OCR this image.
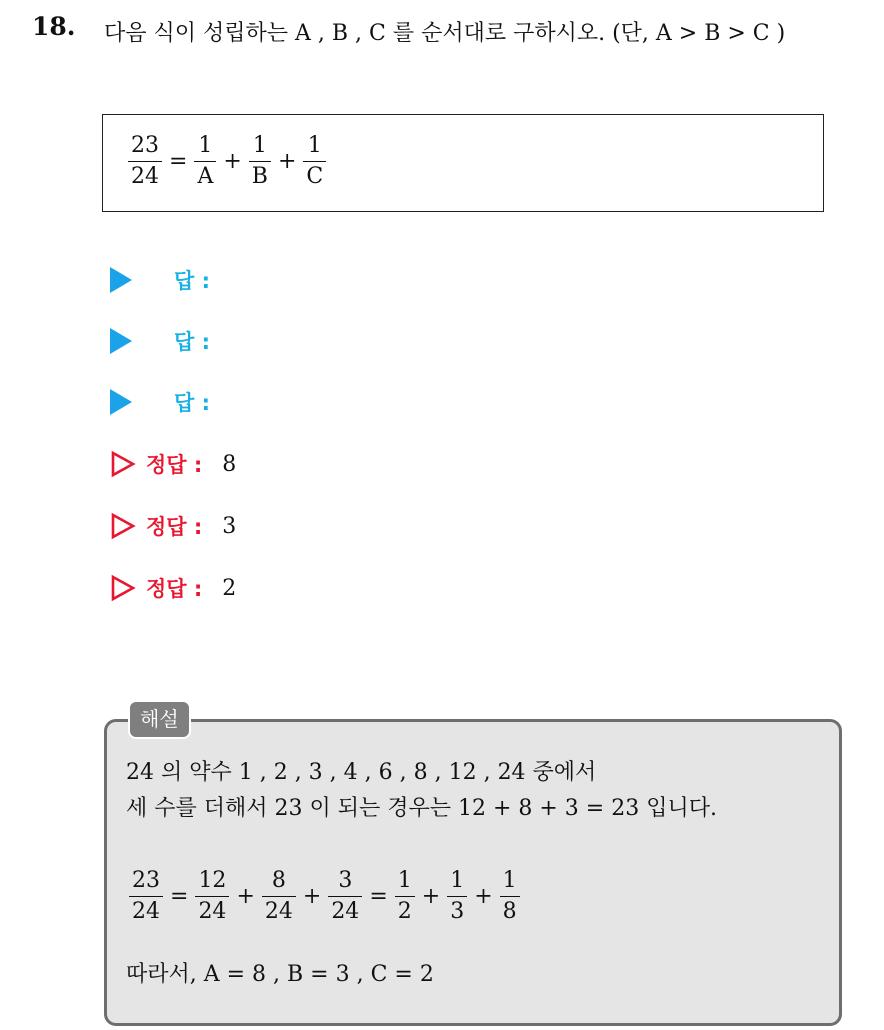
18. 다음 식이 성립하는 A , B , C 를 순서대로 구하시오. (단, A > B > C )
$\frac{23}{24} = \frac{1}{A} + \frac{1}{B} + \frac{1}{C}$
답 :
답 :
답 :
정답 : 8
정답 : 3
정답 : 2
해설
24 의 약수 1 , 2 , 3 , 4 , 6 , 8 , 12 , 24 중에서
세 수를 더해서 23 이 되는 경우는 12 + 8 + 3 = 23 입니다.
$\frac{23}{24} = \frac{12}{24} + \frac{8}{24} + \frac{3}{24} = \frac{1}{2} + \frac{1}{3} + \frac{1}{8}$
따라서, A = 8 , B = 3 , C = 2
